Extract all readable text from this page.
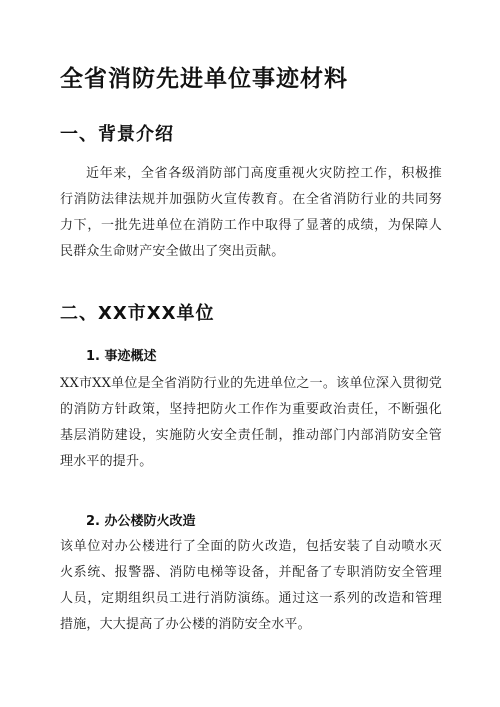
全省消防先进单位事迹材料
一、背景介绍

近年来，全省各级消防部门高度重视火灾防控工作，积极推行消防法律法规并加强防火宣传教育。在全省消防行业的共同努力下，一批先进单位在消防工作中取得了显著的成绩，为保障人民群众生命财产安全做出了突出贡献。

二、XX市XX单位
1. 事迹概述

XX市XX单位是全省消防行业的先进单位之一。该单位深入贯彻党的消防方针政策，坚持把防火工作作为重要政治责任，不断强化基层消防建设，实施防火安全责任制，推动部门内部消防安全管理水平的提升。

2. 办公楼防火改造

该单位对办公楼进行了全面的防火改造，包括安装了自动喷水灭火系统、报警器、消防电梯等设备，并配备了专职消防安全管理人员，定期组织员工进行消防演练。通过这一系列的改造和管理措施，大大提高了办公楼的消防安全水平。
